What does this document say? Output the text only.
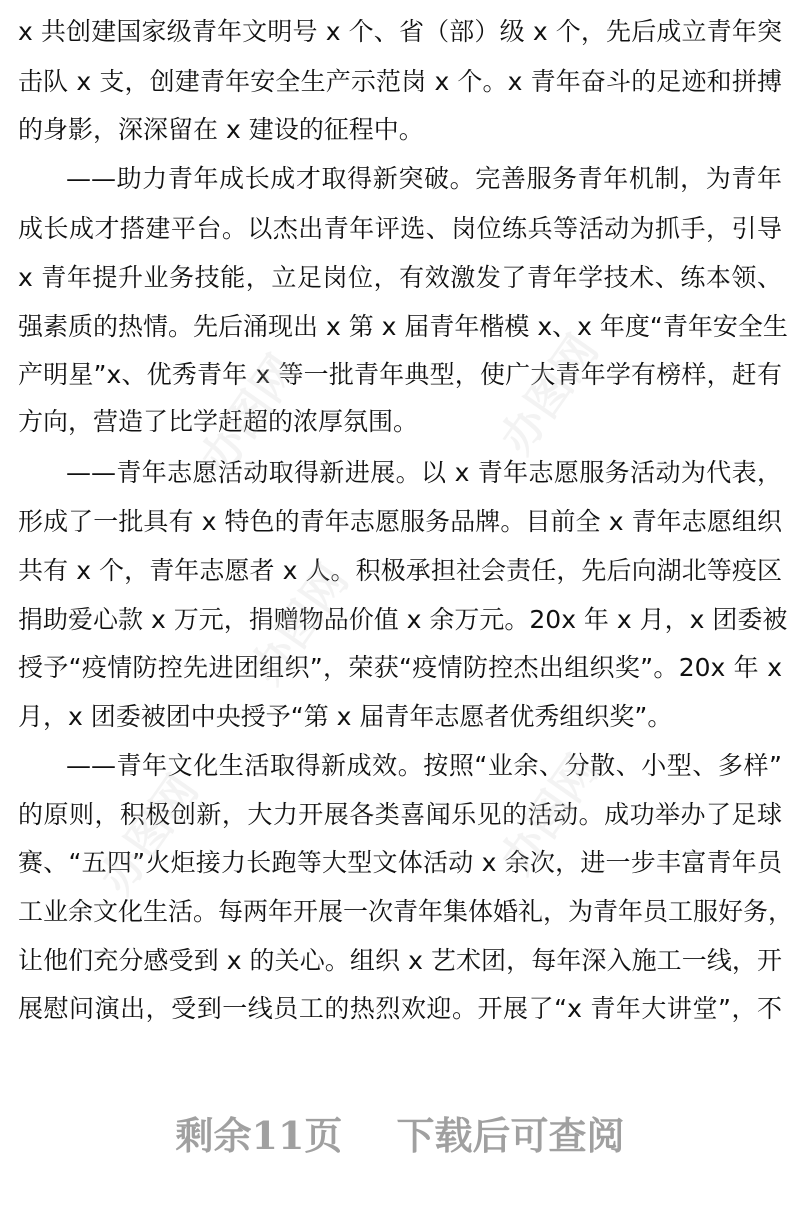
x 共创建国家级青年文明号 x 个、省（部）级 x 个，先后成立青年突
击队 x 支，创建青年安全生产示范岗 x 个。x 青年奋斗的足迹和拼搏
的身影，深深留在 x 建设的征程中。
——助力青年成长成才取得新突破。完善服务青年机制，为青年
成长成才搭建平台。以杰出青年评选、岗位练兵等活动为抓手，引导
x 青年提升业务技能，立足岗位，有效激发了青年学技术、练本领、
强素质的热情。先后涌现出 x 第 x 届青年楷模 x、x 年度“青年安全生
产明星”x、优秀青年 x 等一批青年典型，使广大青年学有榜样，赶有
方向，营造了比学赶超的浓厚氛围。
——青年志愿活动取得新进展。以 x 青年志愿服务活动为代表，
形成了一批具有 x 特色的青年志愿服务品牌。目前全 x 青年志愿组织
共有 x 个，青年志愿者 x 人。积极承担社会责任，先后向湖北等疫区
捐助爱心款 x 万元，捐赠物品价值 x 余万元。20x 年 x 月，x 团委被
授予“疫情防控先进团组织”，荣获“疫情防控杰出组织奖”。20x 年 x
月，x 团委被团中央授予“第 x 届青年志愿者优秀组织奖”。
——青年文化生活取得新成效。按照“业余、分散、小型、多样”
的原则，积极创新，大力开展各类喜闻乐见的活动。成功举办了足球
赛、“五四”火炬接力长跑等大型文体活动 x 余次，进一步丰富青年员
工业余文化生活。每两年开展一次青年集体婚礼，为青年员工服好务，
让他们充分感受到 x 的关心。组织 x 艺术团，每年深入施工一线，开
展慰问演出，受到一线员工的热烈欢迎。开展了“x 青年大讲堂”，不
办图网	办图网
办图网
办图网	办图网
剩余11页 下载后可查阅
